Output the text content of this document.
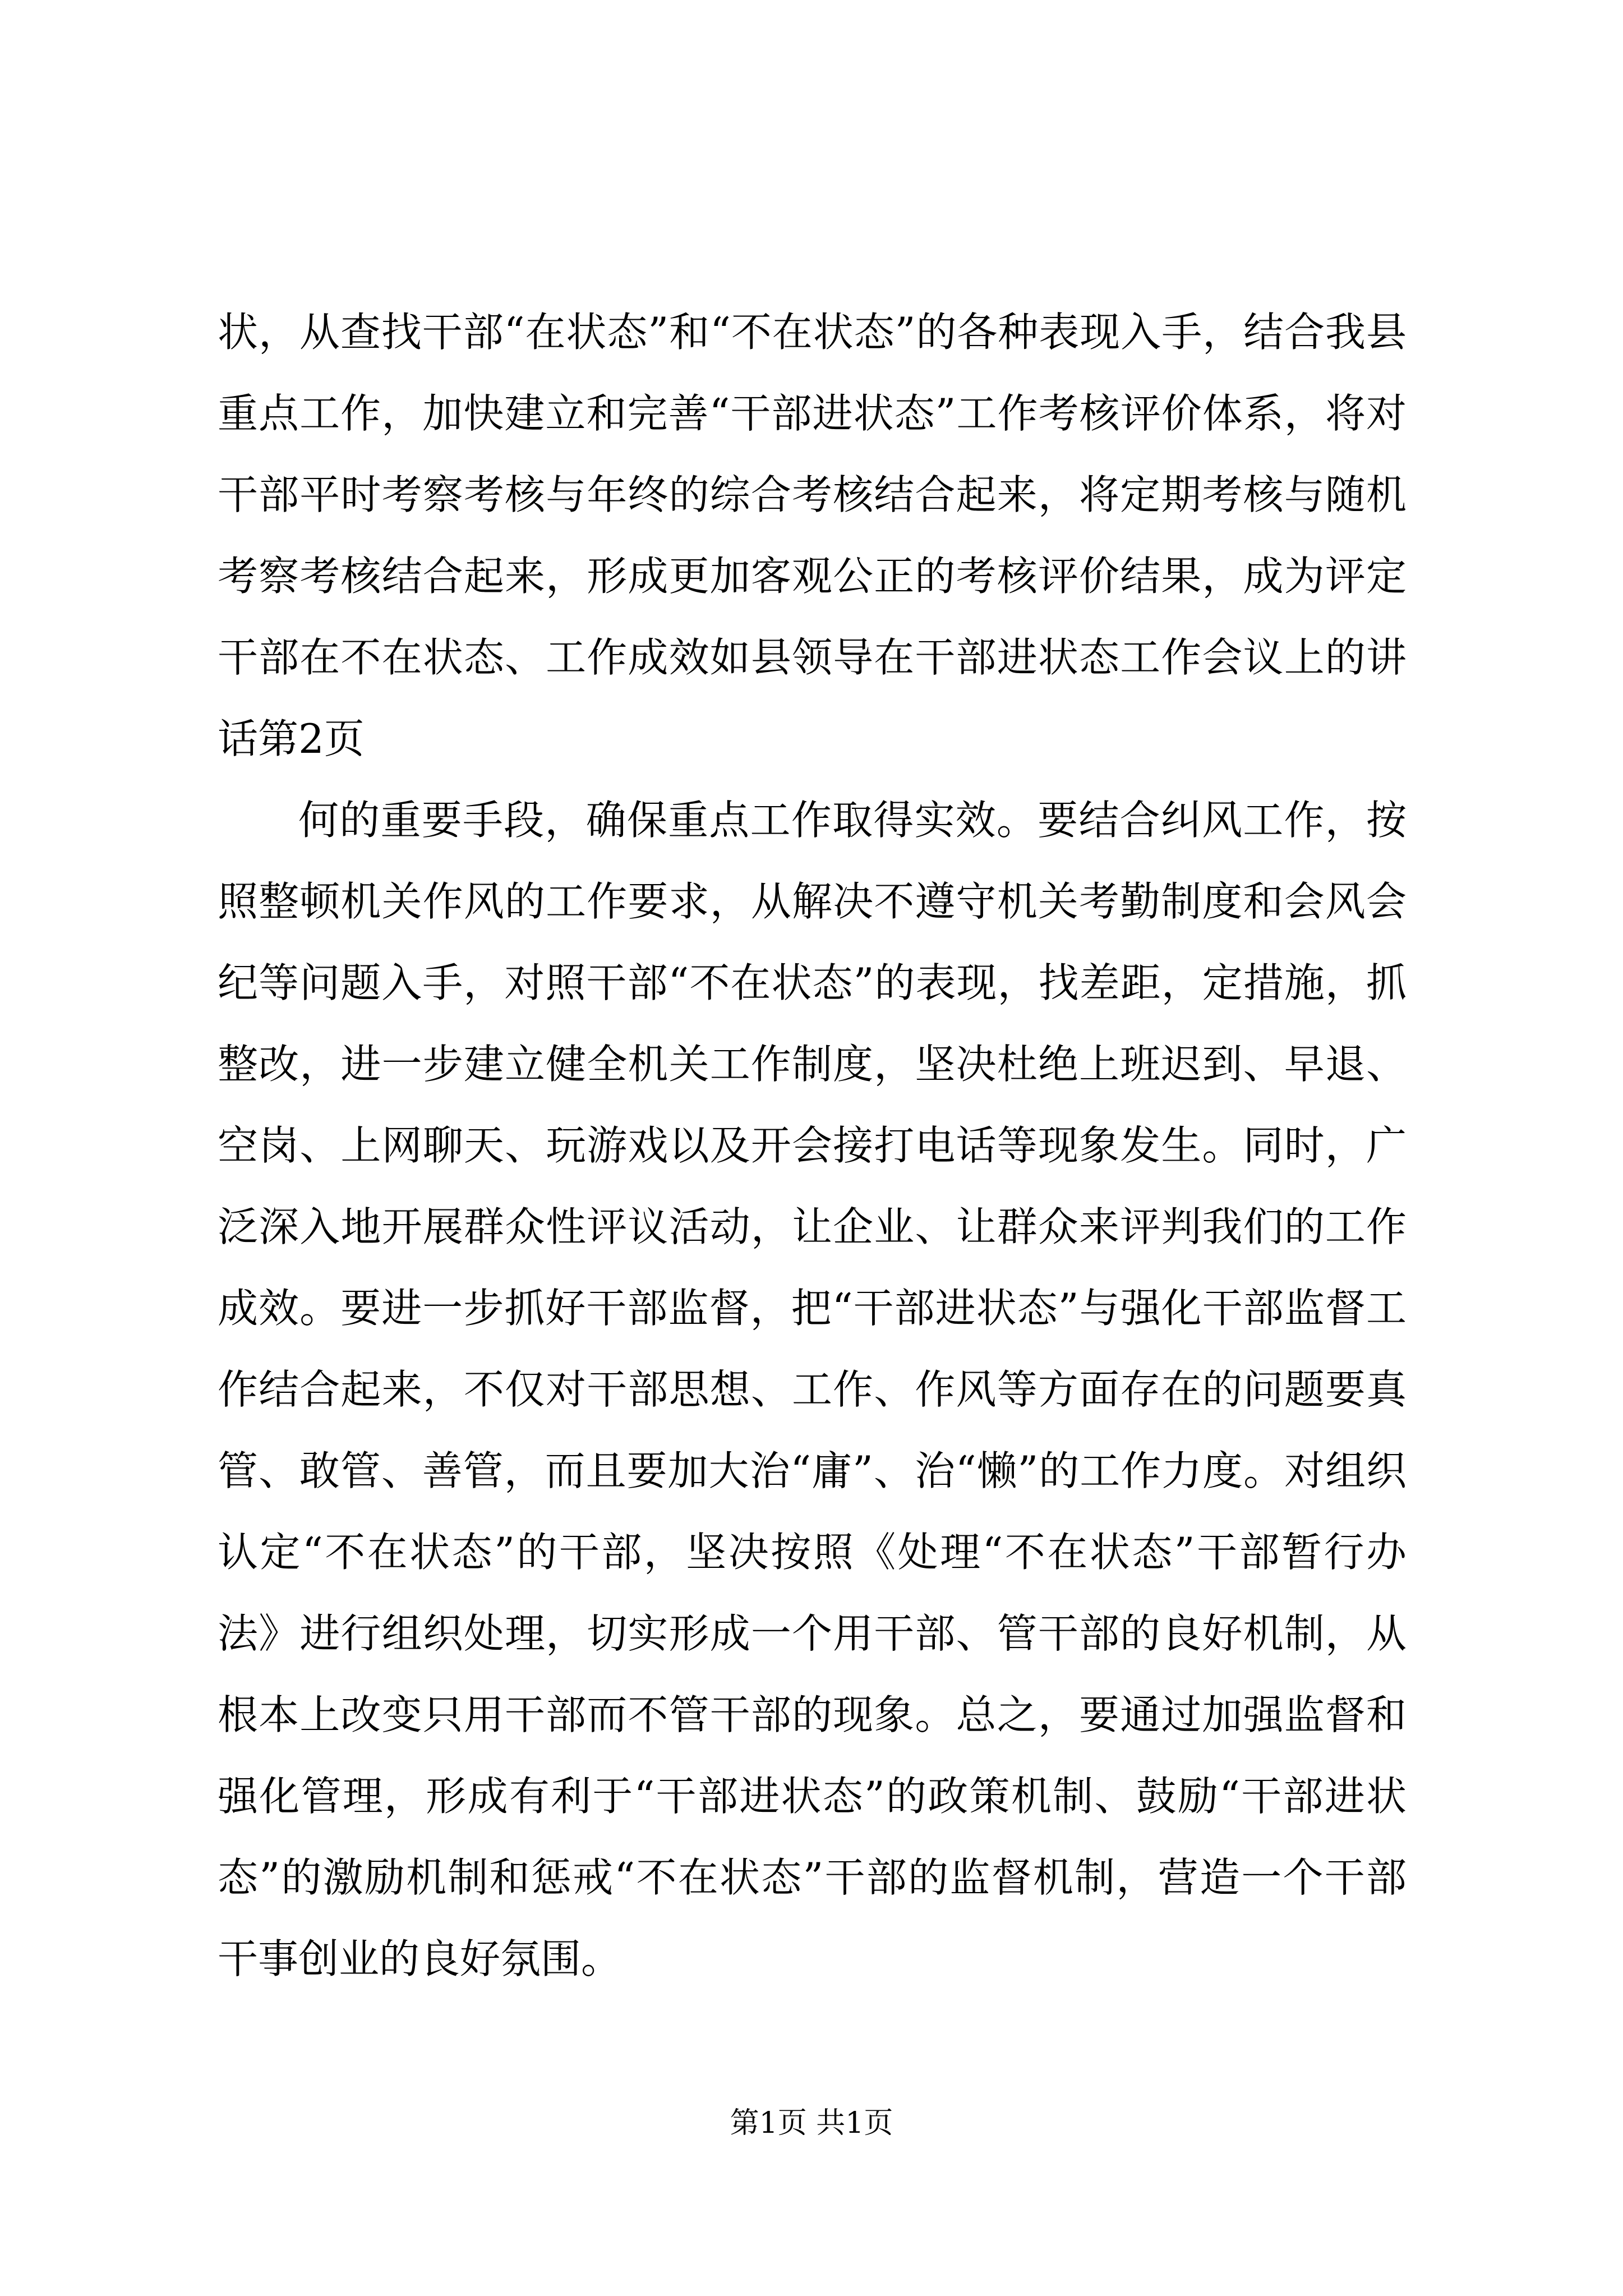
状，从查找干部“在状态”和“不在状态”的各种表现入手，结合我县重点工作，加快建立和完善“干部进状态”工作考核评价体系，将对干部平时考察考核与年终的综合考核结合起来，将定期考核与随机考察考核结合起来，形成更加客观公正的考核评价结果，成为评定干部在不在状态、工作成效如县领导在干部进状态工作会议上的讲话第2页

何的重要手段，确保重点工作取得实效。要结合纠风工作，按照整顿机关作风的工作要求，从解决不遵守机关考勤制度和会风会纪等问题入手，对照干部“不在状态”的表现，找差距，定措施，抓整改，进一步建立健全机关工作制度，坚决杜绝上班迟到、早退、空岗、上网聊天、玩游戏以及开会接打电话等现象发生。同时，广泛深入地开展群众性评议活动，让企业、让群众来评判我们的工作成效。要进一步抓好干部监督，把“干部进状态”与强化干部监督工作结合起来，不仅对干部思想、工作、作风等方面存在的问题要真管、敢管、善管，而且要加大治“庸”、治“懒”的工作力度。对组织认定“不在状态”的干部，坚决按照《处理“不在状态”干部暂行办法》进行组织处理，切实形成一个用干部、管干部的良好机制，从根本上改变只用干部而不管干部的现象。总之，要通过加强监督和强化管理，形成有利于“干部进状态”的政策机制、鼓励“干部进状态”的激励机制和惩戒“不在状态”干部的监督机制，营造一个干部干事创业的良好氛围。

第1页 共1页
